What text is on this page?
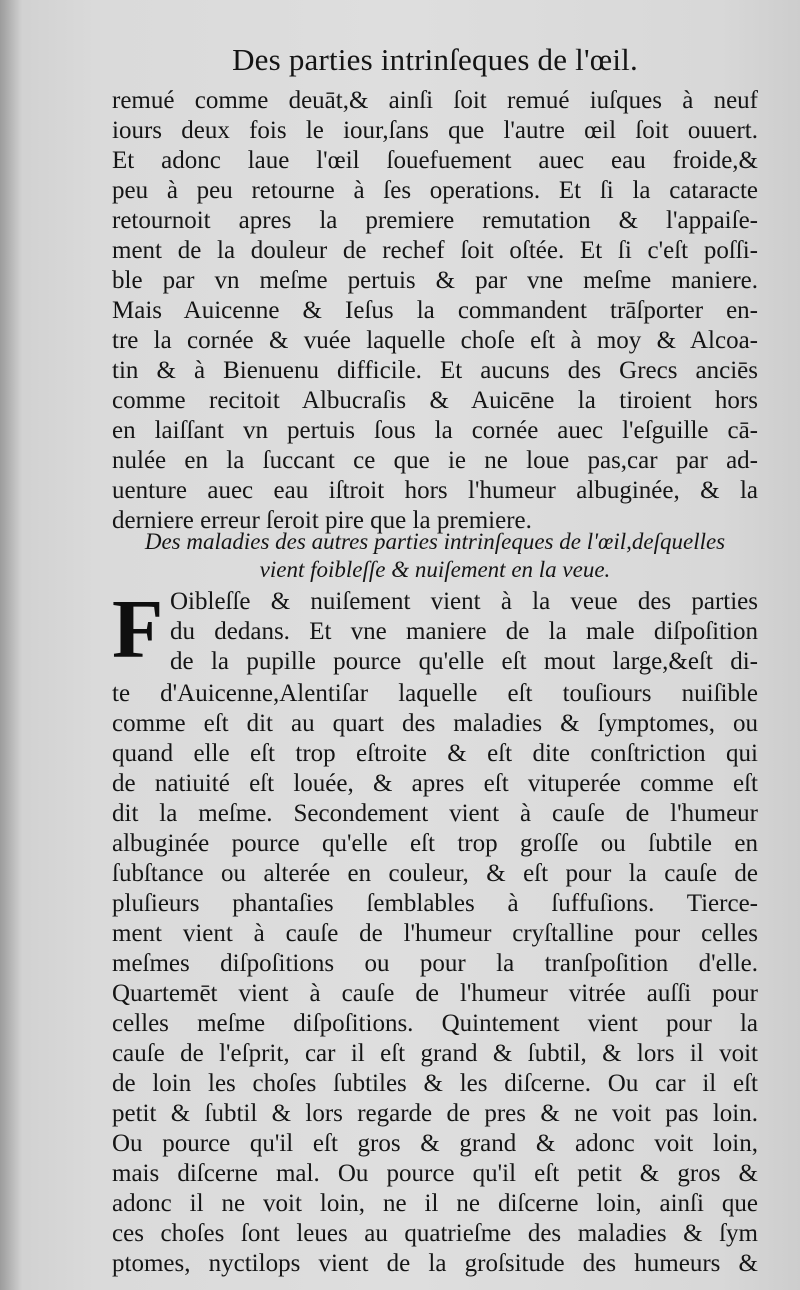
Des parties intrinſeques de l'œil.
remué comme deuāt,& ainſi ſoit remué iuſques à neuf
iours deux fois le iour,ſans que l'autre œil ſoit ouuert.
Et adonc laue l'œil ſouefuement auec eau froide,&
peu à peu retourne à ſes operations. Et ſi la cataracte
retournoit apres la premiere remutation & l'appaiſe-
ment de la douleur de rechef ſoit oſtée. Et ſi c'eſt poſſi-
ble par vn meſme pertuis & par vne meſme maniere.
Mais Auicenne & Ieſus la commandent trāſporter en-
tre la cornée & vuée laquelle choſe eſt à moy & Alcoa-
tin & à Bienuenu difficile. Et aucuns des Grecs anciēs
comme recitoit Albucraſis & Auicēne la tiroient hors
en laiſſant vn pertuis ſous la cornée auec l'eſguille cā-
nulée en la ſuccant ce que ie ne loue pas,car par ad-
uenture auec eau iſtroit hors l'humeur albuginée, & la
derniere erreur ſeroit pire que la premiere.
Des maladies des autres parties intrinſeques de l'œil,deſquelles
vient foibleſſe & nuiſement en la veue.
F Oibleſſe & nuiſement vient à la veue des parties
du dedans. Et vne maniere de la male diſpoſition
de la pupille pource qu'elle eſt mout large,&eſt di-
te d'Auicenne,Alentiſar laquelle eſt touſiours nuiſible
comme eſt dit au quart des maladies & ſymptomes, ou
quand elle eſt trop eſtroite & eſt dite conſtriction qui
de natiuité eſt louée, & apres eſt vituperée comme eſt
dit la meſme. Secondement vient à cauſe de l'humeur
albuginée pource qu'elle eſt trop groſſe ou ſubtile en
ſubſtance ou alterée en couleur, & eſt pour la cauſe de
pluſieurs phantaſies ſemblables à ſuffuſions. Tierce-
ment vient à cauſe de l'humeur cryſtalline pour celles
meſmes diſpoſitions ou pour la tranſpoſition d'elle.
Quartemēt vient à cauſe de l'humeur vitrée auſſi pour
celles meſme diſpoſitions. Quintement vient pour la
cauſe de l'eſprit, car il eſt grand & ſubtil, & lors il voit
de loin les choſes ſubtiles & les diſcerne. Ou car il eſt
petit & ſubtil & lors regarde de pres & ne voit pas loin.
Ou pource qu'il eſt gros & grand & adonc voit loin,
mais diſcerne mal. Ou pource qu'il eſt petit & gros &
adonc il ne voit loin, ne il ne diſcerne loin, ainſi que
ces choſes ſont leues au quatrieſme des maladies & ſym
ptomes, nyctilops vient de la groſsitude des humeurs &
